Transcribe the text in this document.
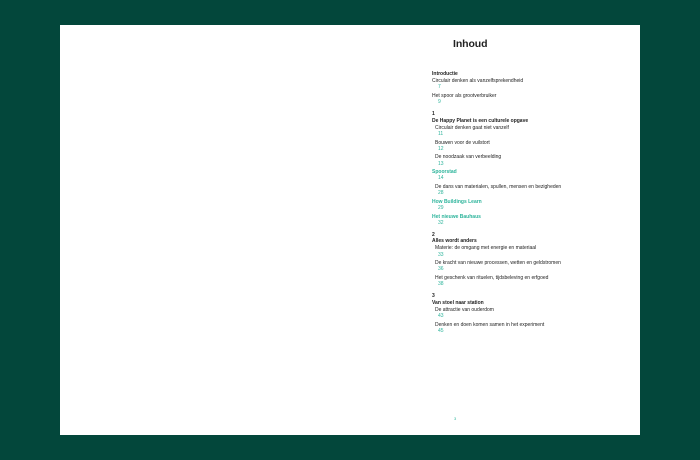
Inhoud
Introductie
Circulair denken als vanzelfsprekendheid
7
Het spoor als grootverbruiker
9
1
De Happy Planet is een culturele opgave
Circulair denken gaat niet vanzelf
11
Bouwen voor de vuilstort
12
De noodzaak van verbeelding
13
Spoorstad
14
De dans van materialen, spullen, mensen en bezigheden
28
How Buildings Learn
29
Het nieuwe Bauhaus
32
2
Alles wordt anders
Materie: de omgang met energie en materiaal
33
De kracht van nieuwe processen, wetten en geldstromen
36
Het geschenk van rituelen, tijdsbeleving en erfgoed
38
3
Van stoel naar station
De attractie van ouderdom
43
Denken en doen komen samen in het experiment
45
3
